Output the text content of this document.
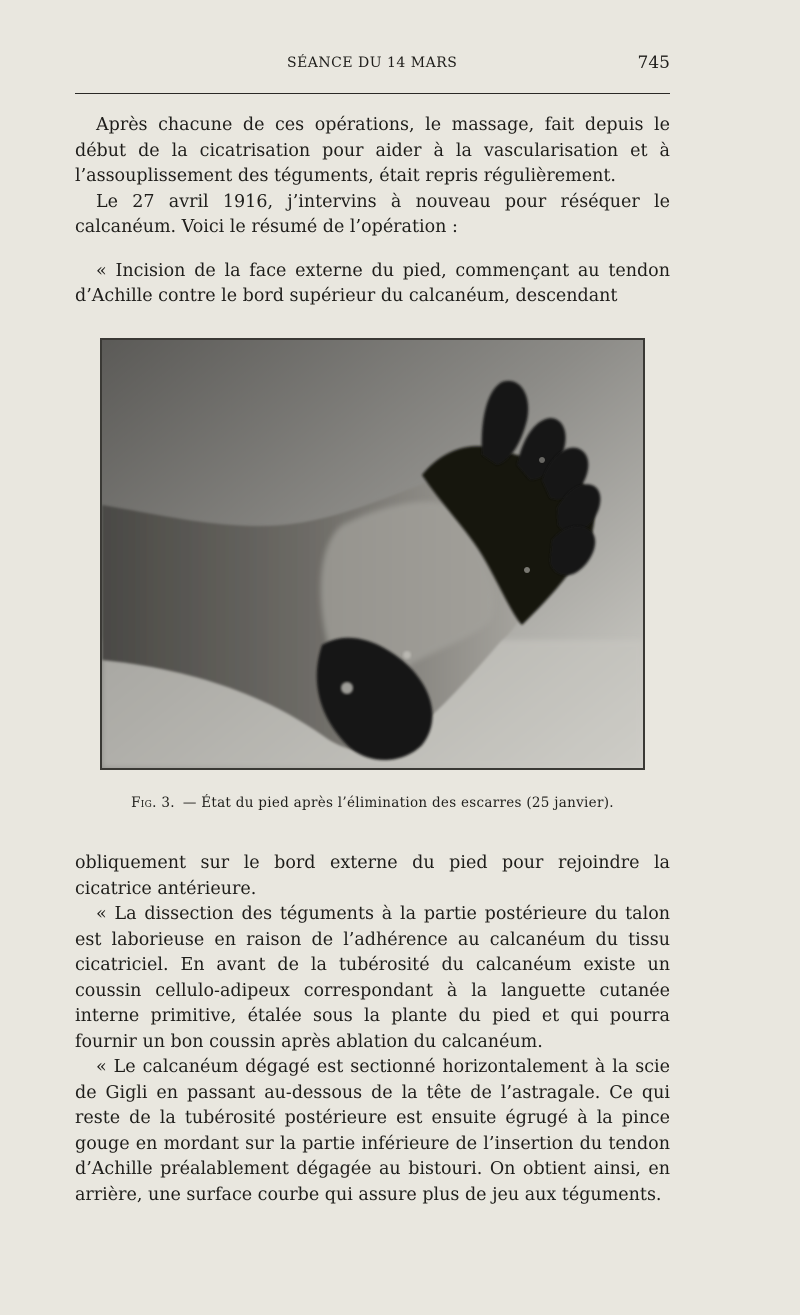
SÉANCE DU 14 MARS	745

Après chacune de ces opérations, le massage, fait depuis le début de la cicatrisation pour aider à la vascularisation et à l’assouplissement des téguments, était repris régulièrement.

Le 27 avril 1916, j’intervins à nouveau pour réséquer le calcanéum. Voici le résumé de l’opération :

« Incision de la face externe du pied, commençant au tendon d’Achille contre le bord supérieur du calcanéum, descendant

Fig. 3. — État du pied après l’élimination des escarres (25 janvier).

obliquement sur le bord externe du pied pour rejoindre la cicatrice antérieure.

« La dissection des téguments à la partie postérieure du talon est laborieuse en raison de l’adhérence au calcanéum du tissu cicatriciel. En avant de la tubérosité du calcanéum existe un coussin cellulo-adipeux correspondant à la languette cutanée interne primitive, étalée sous la plante du pied et qui pourra fournir un bon coussin après ablation du calcanéum.

« Le calcanéum dégagé est sectionné horizontalement à la scie de Gigli en passant au-dessous de la tête de l’astragale. Ce qui reste de la tubérosité postérieure est ensuite égrugé à la pince gouge en mordant sur la partie inférieure de l’insertion du tendon d’Achille préalablement dégagée au bistouri. On obtient ainsi, en arrière, une surface courbe qui assure plus de jeu aux téguments.
